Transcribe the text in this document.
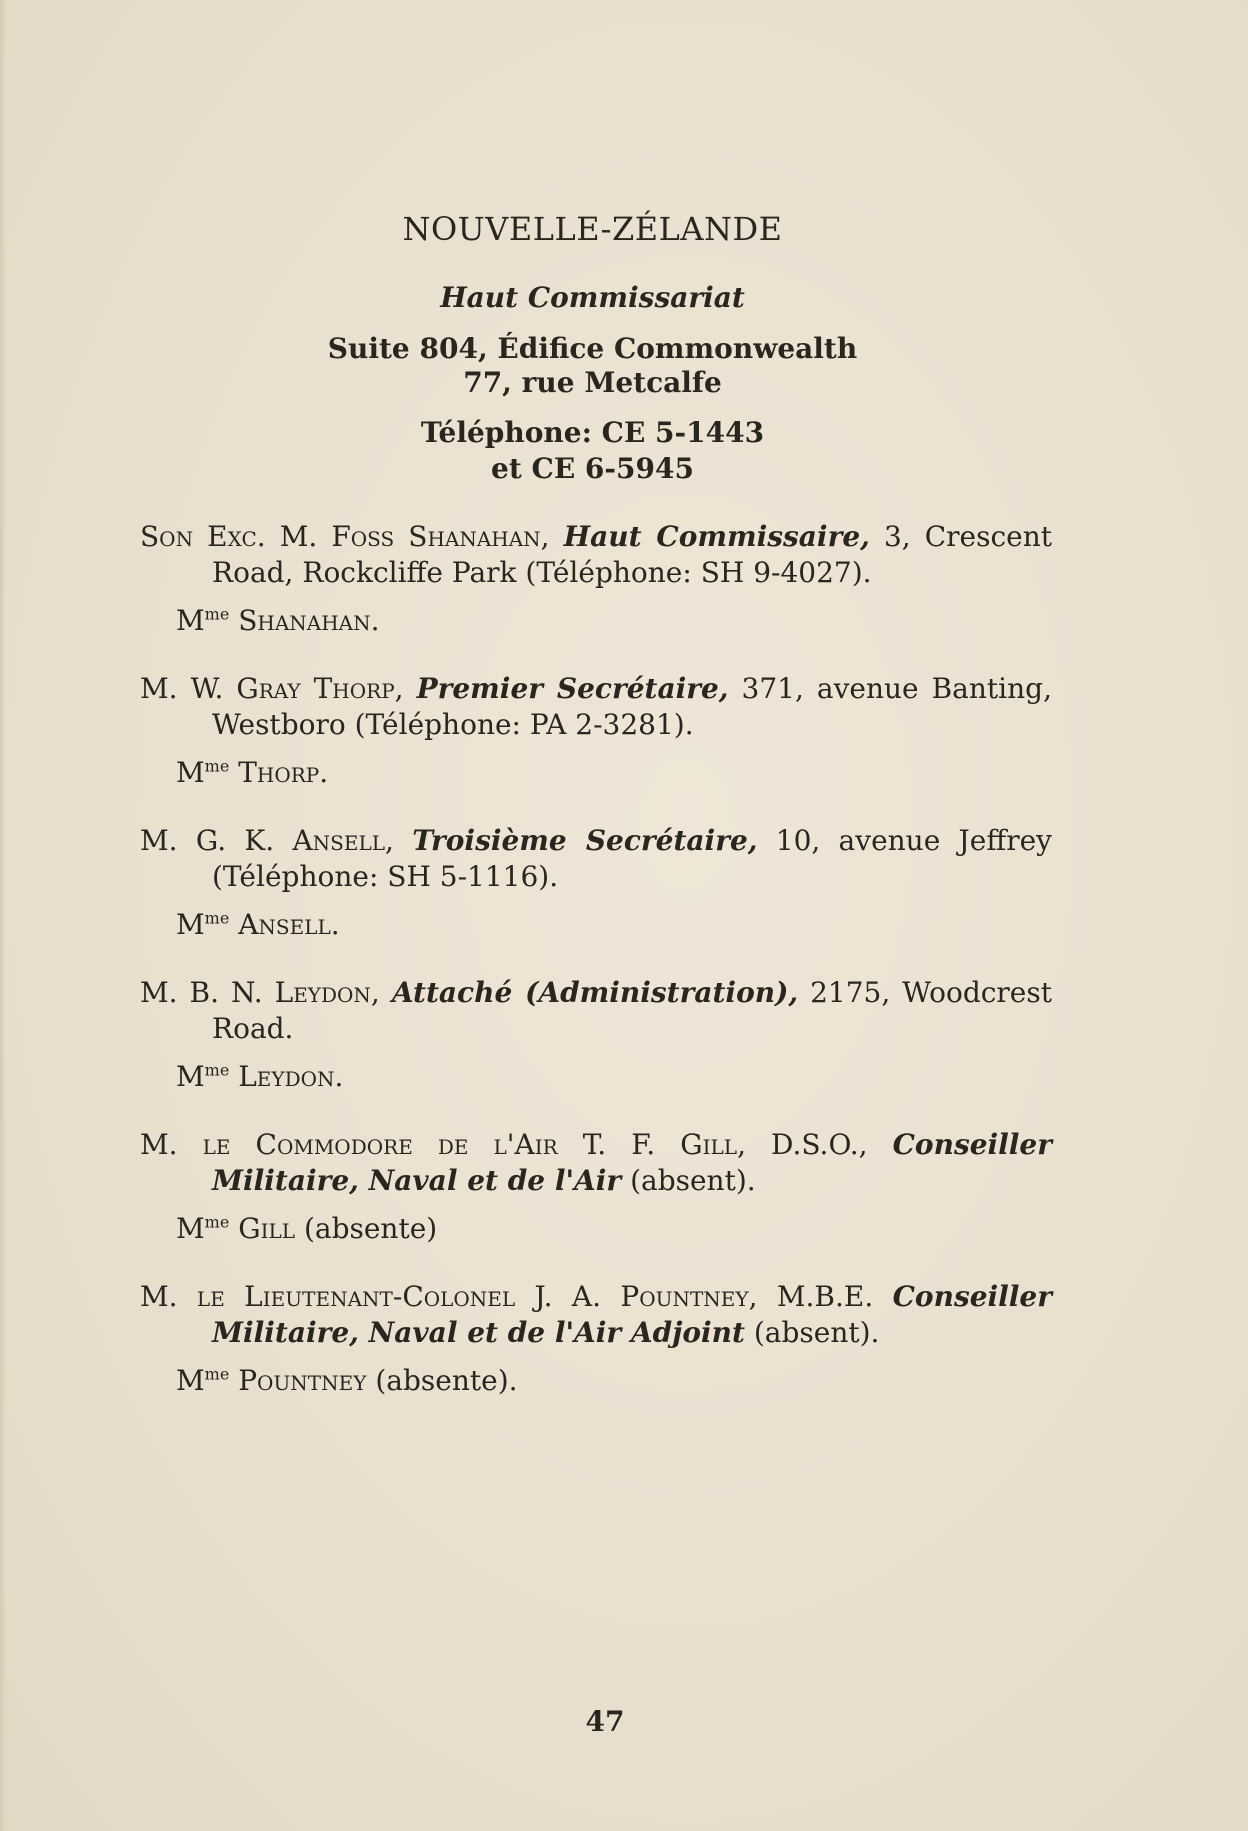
NOUVELLE-ZÉLANDE
Haut Commissariat
Suite 804, Édifice Commonwealth
77, rue Metcalfe
Téléphone: CE 5-1443
et CE 6-5945
Son Exc. M. Foss Shanahan, Haut Commissaire, 3, Crescent Road, Rockcliffe Park (Téléphone: SH 9-4027).
$M^{me}$ Shanahan.
M. W. Gray Thorp, Premier Secrétaire, 371, avenue Banting, Westboro (Téléphone: PA 2-3281).
$M^{me}$ Thorp.
M. G. K. Ansell, Troisième Secrétaire, 10, avenue Jeffrey (Téléphone: SH 5-1116).
$M^{me}$ Ansell.
M. B. N. Leydon, Attaché (Administration), 2175, Woodcrest Road.
$M^{me}$ Leydon.
M. le Commodore de l'Air T. F. Gill, D.S.O., Conseiller Militaire, Naval et de l'Air (absent).
$M^{me}$ Gill (absente)
M. le Lieutenant-Colonel J. A. Pountney, M.B.E. Conseiller Militaire, Naval et de l'Air Adjoint (absent).
$M^{me}$ Pountney (absente).
47
